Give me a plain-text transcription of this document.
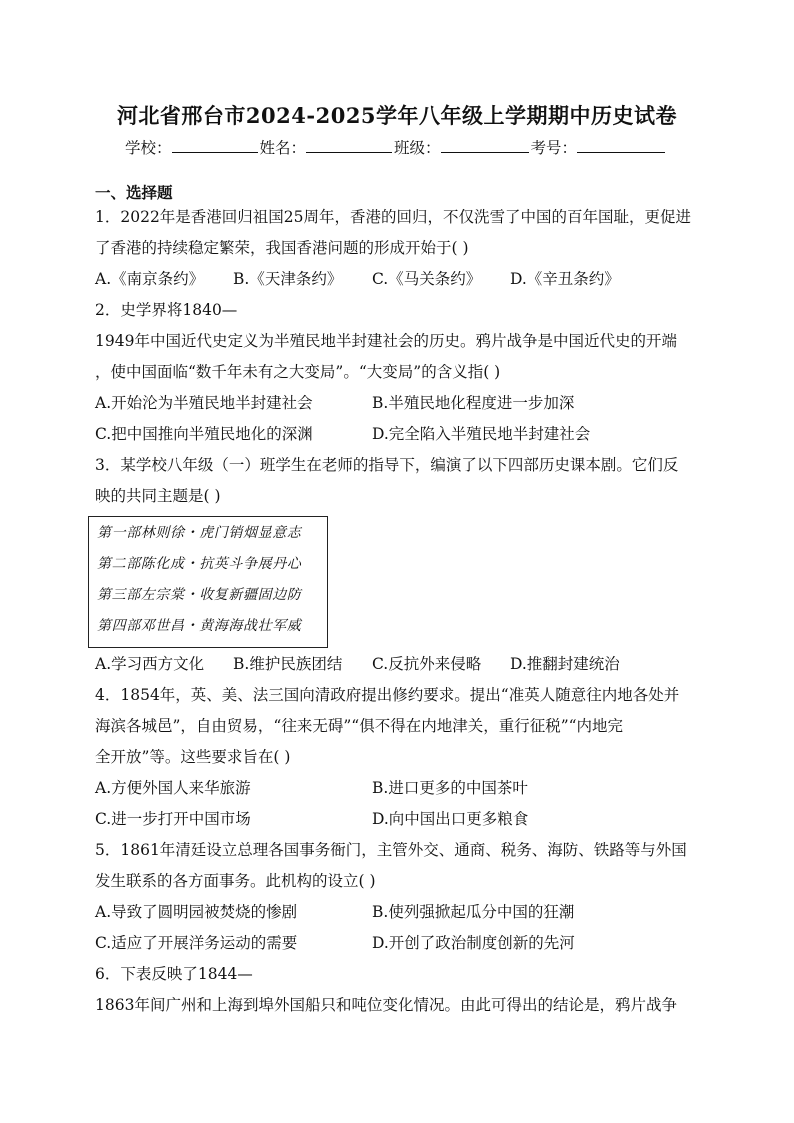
河北省邢台市2024-2025学年八年级上学期期中历史试卷
学校：	姓名：	班级：	考号：
一、选择题
1．2022年是香港回归祖国25周年，香港的回归，不仅洗雪了中国的百年国耻，更促进
了香港的持续稳定繁荣，我国香港问题的形成开始于( )
A.《南京条约》 B.《天津条约》 C.《马关条约》 D.《辛丑条约》
2．史学界将1840—
1949年中国近代史定义为半殖民地半封建社会的历史。鸦片战争是中国近代史的开端
，使中国面临“数千年未有之大变局”。“大变局”的含义指( )
A.开始沦为半殖民地半封建社会	B.半殖民地化程度进一步加深
C.把中国推向半殖民地化的深渊	D.完全陷入半殖民地半封建社会
3．某学校八年级（一）班学生在老师的指导下，编演了以下四部历史课本剧。它们反
映的共同主题是( )
第一部林则徐・虎门销烟显意志
第二部陈化成・抗英斗争展丹心
第三部左宗棠・收复新疆固边防
第四部邓世昌・黄海海战壮军威
A.学习西方文化 B.维护民族团结 C.反抗外来侵略 D.推翻封建统治
4．1854年，英、美、法三国向清政府提出修约要求。提出“准英人随意往内地各处并
海滨各城邑”，自由贸易，“往来无碍”“俱不得在内地津关，重行征税”“内地完
全开放”等。这些要求旨在( )
A.方便外国人来华旅游	B.进口更多的中国茶叶
C.进一步打开中国市场	D.向中国出口更多粮食
5．1861年清廷设立总理各国事务衙门，主管外交、通商、税务、海防、铁路等与外国
发生联系的各方面事务。此机构的设立( )
A.导致了圆明园被焚烧的惨剧	B.使列强掀起瓜分中国的狂潮
C.适应了开展洋务运动的需要	D.开创了政治制度创新的先河
6．下表反映了1844—
1863年间广州和上海到埠外国船只和吨位变化情况。由此可得出的结论是，鸦片战争
